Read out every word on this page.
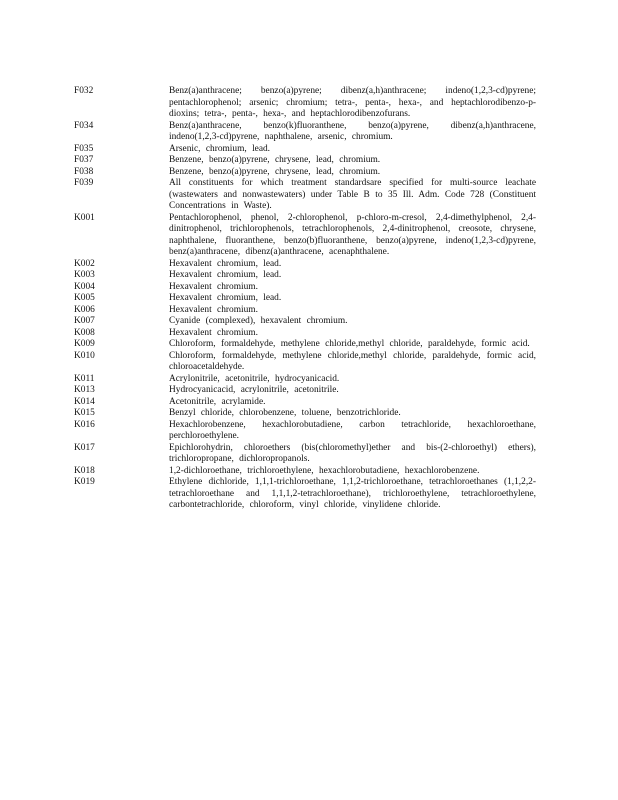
F032	Benz(a)anthracene; benzo(a)pyrene; dibenz(a,h)anthracene; indeno(1,2,3-cd)pyrene; pentachlorophenol; arsenic; chromium; tetra-, penta-, hexa-, and heptachlorodibenzo-p-dioxins; tetra-, penta-, hexa-, and heptachlorodibenzofurans.
F034	Benz(a)anthracene, benzo(k)fluoranthene, benzo(a)pyrene, dibenz(a,h)anthracene, indeno(1,2,3-cd)pyrene, naphthalene, arsenic, chromium.
F035	Arsenic, chromium, lead.
F037	Benzene, benzo(a)pyrene, chrysene, lead, chromium.
F038	Benzene, benzo(a)pyrene, chrysene, lead, chromium.
F039	All constituents for which treatment standardsare specified for multi-source leachate (wastewaters and nonwastewaters) under Table B to 35 Ill. Adm. Code 728 (Constituent Concentrations in Waste).
K001	Pentachlorophenol, phenol, 2-chlorophenol, p-chloro-m-cresol, 2,4-dimethylphenol, 2,4-dinitrophenol, trichlorophenols, tetrachlorophenols, 2,4-dinitrophenol, creosote, chrysene, naphthalene, fluoranthene, benzo(b)fluoranthene, benzo(a)pyrene, indeno(1,2,3-cd)pyrene, benz(a)anthracene, dibenz(a)anthracene, acenaphthalene.
K002	Hexavalent chromium, lead.
K003	Hexavalent chromium, lead.
K004	Hexavalent chromium.
K005	Hexavalent chromium, lead.
K006	Hexavalent chromium.
K007	Cyanide (complexed), hexavalent chromium.
K008	Hexavalent chromium.
K009	Chloroform, formaldehyde, methylene chloride,methyl chloride, paraldehyde, formic acid.
K010	Chloroform, formaldehyde, methylene chloride,methyl chloride, paraldehyde, formic acid, chloroacetaldehyde.
K011	Acrylonitrile, acetonitrile, hydrocyanicacid.
K013	Hydrocyanicacid, acrylonitrile, acetonitrile.
K014	Acetonitrile, acrylamide.
K015	Benzyl chloride, chlorobenzene, toluene, benzotrichloride.
K016	Hexachlorobenzene, hexachlorobutadiene, carbon tetrachloride, hexachloroethane, perchloroethylene.
K017	Epichlorohydrin, chloroethers (bis(chloromethyl)ether and bis-(2-chloroethyl) ethers), trichloropropane, dichloropropanols.
K018	1,2-dichloroethane, trichloroethylene, hexachlorobutadiene, hexachlorobenzene.
K019	Ethylene dichloride, 1,1,1-trichloroethane, 1,1,2-trichloroethane, tetrachloroethanes (1,1,2,2-tetrachloroethane and 1,1,1,2-tetrachloroethane), trichloroethylene, tetrachloroethylene, carbontetrachloride, chloroform, vinyl chloride, vinylidene chloride.
